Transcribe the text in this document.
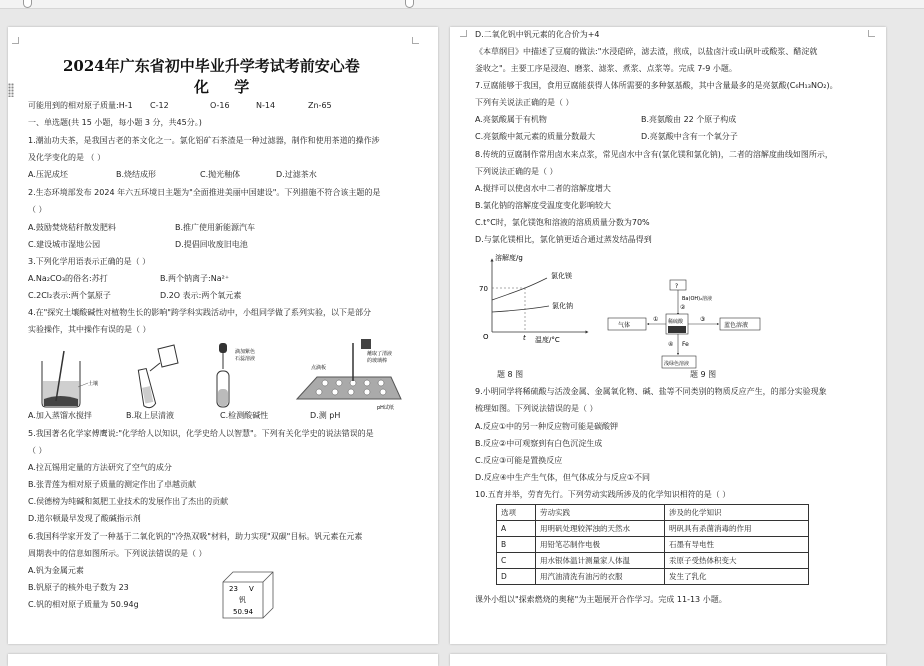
2024年广东省初中毕业升学考试考前安心卷
化 学
可能用到的相对原子质量:H-1 C-12	O-16	N-14	Zn-65
一、单选题(共 15 小题，每小题 3 分，共45分。)
1.潮汕功夫茶，是我国古老的茶文化之一。氯化铝矿石茶渣是一种过滤器，制作和使用茶道的操作涉
及化学变化的是 （ ）
A.压泥成坯	B.烧结成形	C.抛光釉体	D.过滤茶水
2.生态环境部发布 2024 年六五环境日主题为"全面推进美丽中国建设"。下列措施不符合该主题的是
（ ）
A.鼓励焚烧秸秆散发肥料	B.推广使用新能源汽车
C.建设城市湿地公园	D.提倡回收废旧电池
3.下列化学用语表示正确的是（ ）
A.Na₂CO₃的俗名:苏打	B.两个钠离子:Na²⁺
C.2Cl₂表示:两个氯原子	D.2O 表示:两个氧元素
4.在"探究土壤酸碱性对植物生长的影响"跨学科实践活动中，小组同学做了系列实验，以下是部分
实验操作，其中操作有误的是（ ）
土壤
滴加紫色
石蕊溶液
点滴板
蘸取了清液
的玻璃棒
pH试纸
A.加入蒸馏水搅拌	B.取上层清液	C.检测酸碱性	D.测 pH
5.我国著名化学家傅鹰说:"化学给人以知识，化学史给人以智慧"。下列有关化学史的说法错误的是
（ ）
A.拉瓦锡用定量的方法研究了空气的成分
B.张青莲为相对原子质量的测定作出了卓越贡献
C.侯德榜为纯碱和氮肥工业技术的发展作出了杰出的贡献
D.道尔顿最早发现了酸碱指示剂
6.我国科学家开发了一种基于二氧化钒的"冷热双吸"材料，助力实现"双碳"目标。钒元素在元素
周期表中的信息如图所示。下列说法错误的是（ ）
A.钒为金属元素
B.钒原子的核外电子数为 23
C.钒的相对原子质量为 50.94g
23 V
钒
50.94
D.二氧化钒中钒元素的化合价为+4
《本草纲目》中描述了豆腐的做法:"水浸硙碎，滤去渣，煎成，以盐卤汁或山矾叶或酸浆、醋淀就
釜收之"。主要工序是浸泡、磨浆、滤浆、煮浆、点浆等。完成 7-9 小题。
7.豆腐能够于我国，食用豆腐能获得人体所需要的多种氨基酸，其中含量最多的是亮氨酸(C₆H₁₃NO₂)。
下列有关说法正确的是（ ）
A.亮氨酸属于有机物	B.亮氨酸由 22 个原子构成
C.亮氨酸中氮元素的质量分数最大	D.亮氨酸中含有一个氧分子
8.传统的豆腐制作常用卤水来点浆，常见卤水中含有(氯化镁和氯化钠)，二者的溶解度曲线如图所示，
下列说法正确的是（ ）
A.搅拌可以使卤水中二者的溶解度增大
B.氯化钠的溶解度受温度变化影响较大
C.t°C时，氯化镁饱和溶液的溶质质量分数为70%
D.与氯化镁相比，氯化钠更适合通过蒸发结晶得到
溶解度/g
70
O	t 温度/°C
氯化镁
氯化钠
题 8 图
?
Ba(OH)₂溶液
气体
① 稀硫酸
②
③
蓝色溶液
④ Fe
浅绿色溶液
题 9 图
9.小明同学将稀硫酸与活泼金属、金属氧化物、碱、盐等不同类别的物质反应产生，的部分实验现象
梳理如图。下列说法错误的是（ ）
A.反应①中的另一种反应物可能是碳酸钾
B.反应②中可观察到有白色沉淀生成
C.反应③可能是置换反应
D.反应④中生产生气体，但气体成分与反应①不同
10.五育并举，劳育先行。下列劳动实践所涉及的化学知识相符的是（ ）
选项	劳动实践	涉及的化学知识
A	用明矾处理较浑浊的天然水	明矾具有杀菌消毒的作用
B	用铅笔芯制作电极	石墨有导电性
C	用水银体温计测量家人体温	汞原子受热体积变大
D	用汽油清洗有油污的衣服	发生了乳化
课外小组以"探索燃烧的奥秘"为主题展开合作学习。完成 11-13 小题。
